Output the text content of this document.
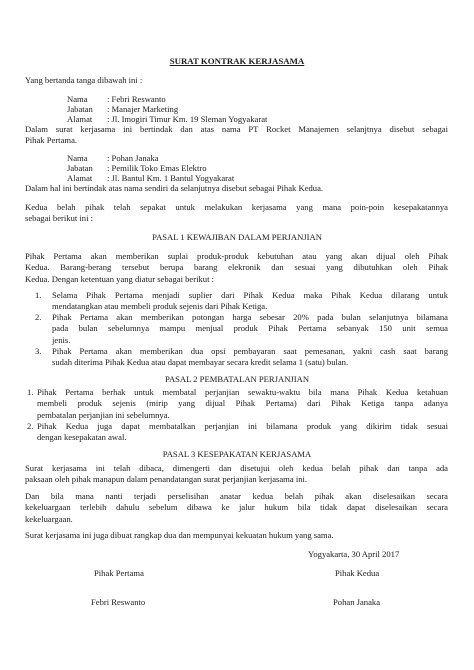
SURAT KONTRAK KERJASAMA
Yang bertanda tanga dibawah ini :
Nama : Febri Reswanto
Jabatan : Manajer Marketing
Alamat : Jl. Imogiri Timur Km. 19 Sleman Yogyakarat
Dalam surat kerjasama ini bertindak dan atas nama PT Rocket Manajemen selanjtnya disebut sebagai
Pihak Pertama.
Nama : Pohan Janaka
Jabatan : Pemilik Toko Emas Elektro
Alamat : Jl. Bantul Km. 1 Bantul Yogyakarat
Dalam hal ini bertindak atas nama sendiri da selanjutnya disebut sebagai Pihak Kedua.
Kedua belah pihak telah sepakat untuk melakukan kerjasama yang mana poin-poin kesepakatannya
sebagai berikut ini :
PASAL 1 KEWAJIBAN DALAM PERJANJIAN
Pihak Pertama akan memberikan suplai produk-produk kebutuhan atau yang akan dijual oleh Pihak
Kedua. Barang-berang tersebut berupa barang elekronik dan sesuai yang dibutuhkan oleh Pihak
Kedua. Dengan ketentuan yang diatur sebagai berikut :
1. Selama Pihak Pertama menjadi suplier dari Pihak Kedua maka Pihak Kedua dilarang untuk
mendatangkan atau membeli produk sejenis dari Pihak Ketiga.
2. Pihak Pertama akan memberikan potongan harga sebesar 20% pada bulan selanjutnya bilamana
pada bulan sebelumnya mampu menjual produk Pihak Pertama sebanyak 150 unit semua
jenis.
3. Pihak Pertama akan memberikan dua opsi pembayaran saat pemesanan, yakni cash saat barang
sudah diterima Pihak Kedua atau dapat membayar secara kredit selama 1 (satu) bulan.
PASAL 2 PEMBATALAN PERJANJIAN
1. Pihak Pertama berhak untuk membatal perjanjian sewaktu-waktu bila mana Pihak Kedua ketahuan
membeli produk sejenis (mirip yang dijual Pihak Pertama) dari Pihak Ketiga tanpa adanya
pembatalan perjanjian ini sebelumnya.
2. Pihak Kedua juga dapat membatalkan perjanjian ini bilamana produk yang dikirim tidak sesuai
dengan kesepakatan awal.
PASAL 3 KESEPAKATAN KERJASAMA
Surat kerjasama ini telah dibaca, dimengerti dan disetujui oleh kedua belah pihak dan tanpa ada
paksaan oleh pihak manapun dalam penandatangan surat perjanjian kerjasama ini.
Dan bila mana nanti terjadi perselisihan anatar kedua belah pihak akan diselesaikan secara
kekeluargaan terlebih dahulu sebelum dibawa ke jalur hukum bila tidak dapat diselesaikan secara
kekeluargaan.
Surat kerjasama ini juga dibuat rangkap dua dan mempunyai kekuatan hukum yang sama.
Yogyakarta, 30 April 2017
Pihak Pertama	Pihak Kedua
Febri Reswanto	Pohan Janaka
